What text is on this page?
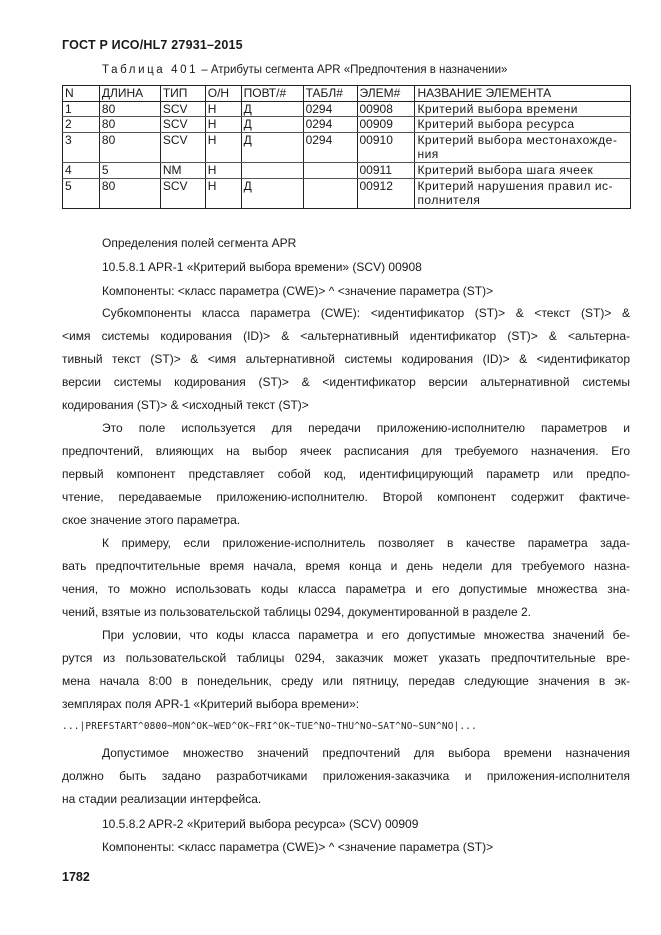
ГОСТ Р ИСО/HL7 27931–2015
Таблица 401 – Атрибуты сегмента APR «Предпочтения в назначении»
N	ДЛИНА	ТИП	О/Н	ПОВТ/#	ТАБЛ#	ЭЛЕМ#	НАЗВАНИЕ ЭЛЕМЕНТА

1	80	SCV	Н	Д	0294	00908	Критерий выбора времени

2	80	SCV	Н	Д	0294	00909	Критерий выбора ресурса

3	80	SCV	Н	Д	0294	00910	Критерий выбора местонахожде-
ния

4	5	NM	Н			00911	Критерий выбора шага ячеек

5	80	SCV	Н	Д		00912	Критерий нарушения правил ис-
полнителя
Определения полей сегмента APR
10.5.8.1 APR-1 «Критерий выбора времени» (SCV) 00908
Компоненты: <класс параметра (CWE)> ^ <значение параметра (ST)>
Субкомпоненты класса параметра (CWE): <идентификатор (ST)> & <текст (ST)> &
<имя системы кодирования (ID)> & <альтернативный идентификатор (ST)> & <альтерна-
тивный текст (ST)> & <имя альтернативной системы кодирования (ID)> & <идентификатор
версии системы кодирования (ST)> & <идентификатор версии альтернативной системы
кодирования (ST)> & <исходный текст (ST)>
Это поле используется для передачи приложению-исполнителю параметров и
предпочтений, влияющих на выбор ячеек расписания для требуемого назначения. Его
первый компонент представляет собой код, идентифицирующий параметр или предпо-
чтение, передаваемые приложению-исполнителю. Второй компонент содержит фактиче-
ское значение этого параметра.
К примеру, если приложение-исполнитель позволяет в качестве параметра зада-
вать предпочтительные время начала, время конца и день недели для требуемого назна-
чения, то можно использовать коды класса параметра и его допустимые множества зна-
чений, взятые из пользовательской таблицы 0294, документированной в разделе 2.
При условии, что коды класса параметра и его допустимые множества значений бе-
рутся из пользовательской таблицы 0294, заказчик может указать предпочтительные вре-
мена начала 8:00 в понедельник, среду или пятницу, передав следующие значения в эк-
земплярах поля APR-1 «Критерий выбора времени»:
...|PREFSTART^0800~MON^OK~WED^OK~FRI^OK~TUE^NO~THU^NO~SAT^NO~SUN^NO|...
Допустимое множество значений предпочтений для выбора времени назначения
должно быть задано разработчиками приложения-заказчика и приложения-исполнителя
на стадии реализации интерфейса.
10.5.8.2 APR-2 «Критерий выбора ресурса» (SCV) 00909
Компоненты: <класс параметра (CWE)> ^ <значение параметра (ST)>
1782
